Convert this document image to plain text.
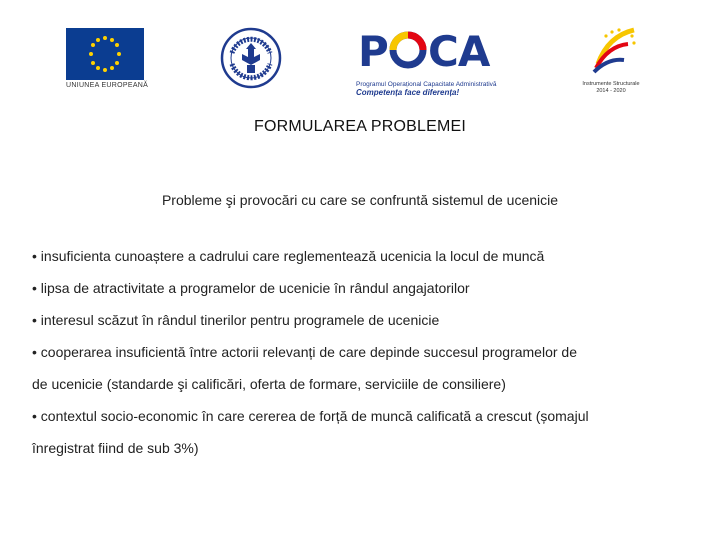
UNIUNEA EUROPEANĂ
P CA
Programul Operațional Capacitate Administrativă
Competența face diferența!
Instrumente Structurale
2014 - 2020
FORMULAREA PROBLEMEI
Probleme şi provocări cu care se confruntă sistemul de ucenicie
• insuficienta cunoaștere a cadrului care reglementează ucenicia la locul de muncă
• lipsa de atractivitate a programelor de ucenicie în rândul angajatorilor
• interesul scăzut în rândul tinerilor pentru programele de ucenicie
• cooperarea insuficientă între actorii relevanți de care depinde succesul programelor de
de ucenicie (standarde şi calificări, oferta de formare, serviciile de consiliere)
• contextul socio-economic în care cererea de forță de muncă calificată a crescut (șomajul
înregistrat fiind de sub 3%)
